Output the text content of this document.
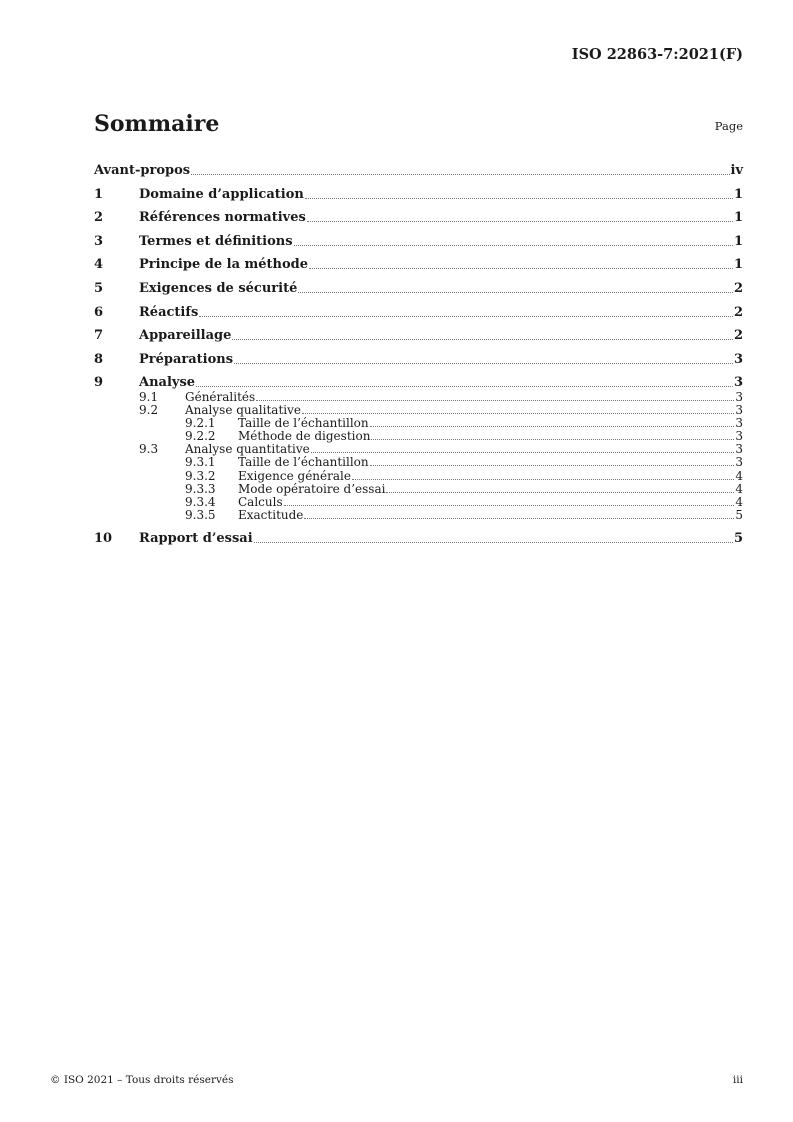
ISO 22863-7:2021(F)
Sommaire	Page
Avant-propos	iv
1	Domaine d’application	1
2	Références normatives	1
3	Termes et définitions	1
4	Principe de la méthode	1
5	Exigences de sécurité	2
6	Réactifs	2
7	Appareillage	2
8	Préparations	3
9	Analyse	3
9.1 Généralités	3
9.2 Analyse qualitative	3
9.2.1 Taille de l’échantillon	3
9.2.2 Méthode de digestion	3
9.3 Analyse quantitative	3
9.3.1 Taille de l’échantillon	3
9.3.2 Exigence générale	4
9.3.3 Mode opératoire d’essai	4
9.3.4 Calculs	4
9.3.5 Exactitude	5
10 Rapport d’essai	5
© ISO 2021 – Tous droits réservés	iii
